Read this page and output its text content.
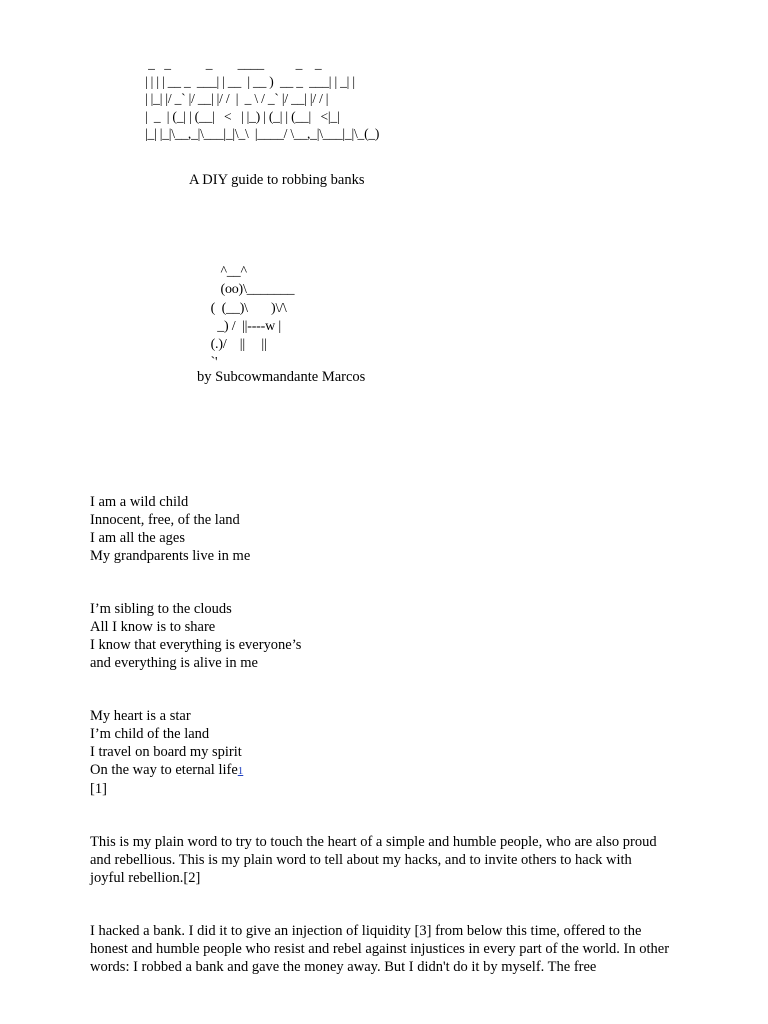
_   _           _        ____          _    _
| | | | __ _  ___| | __  | __ )  __ _  ___| | _| |
| |_| |/ _` |/ __| |/ /  |  _ \ / _` |/ __| |/ / |
|  _  | (_| | (__|   <   | |_) | (_| | (__|   <|_|
|_| |_|\__,_|\___|_|\_\  |____/ \__,_|\___|_|\_(_)
A DIY guide to robbing banks
^__^
(oo)\_______
(  (__)\       )\/\
_) /  ||----w |
(.)/    ||     ||
`'
by Subcowmandante Marcos
I am a wild child
Innocent, free, of the land
I am all the ages
My grandparents live in me
I’m sibling to the clouds
All I know is to share
I know that everything is everyone’s
and everything is alive in me
My heart is a star
I’m child of the land
I travel on board my spirit
On the way to eternal life1
[1]

This is my plain word to try to touch the heart of a simple and humble people, who are also proud and rebellious. This is my plain word to tell about my hacks, and to invite others to hack with joyful rebellion.[2]

I hacked a bank. I did it to give an injection of liquidity [3] from below this time, offered to the honest and humble people who resist and rebel against injustices in every part of the world. In other words: I robbed a bank and gave the money away. But I didn't do it by myself. The free
